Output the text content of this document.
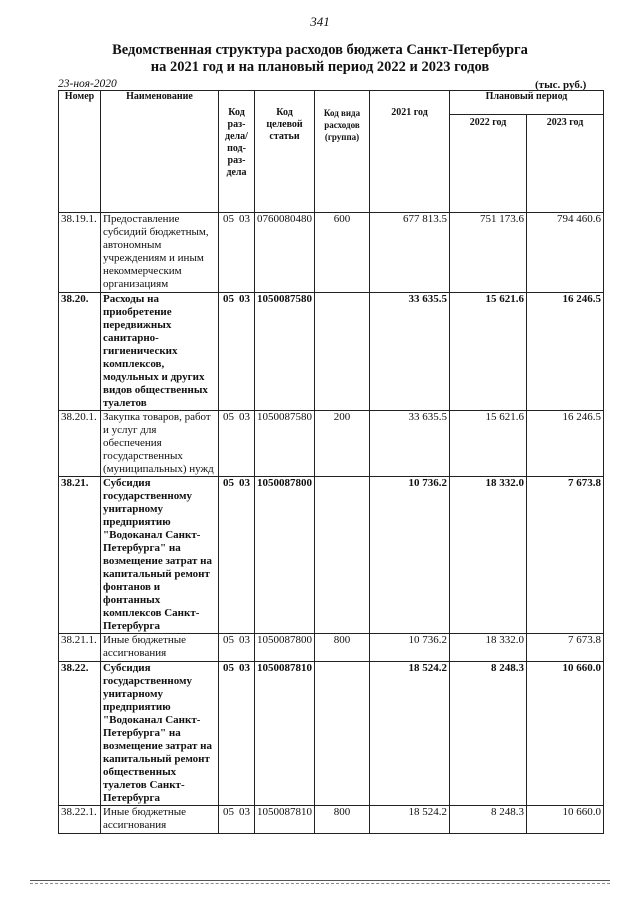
341
Ведомственная структура расходов бюджета Санкт-Петербурга
на 2021 год и на плановый период 2022 и 2023 годов
23-ноя-2020	(тыс. руб.)
Номер	Наименование	Код раз-дела/ под-раз-дела	Код целевой статьи	Код вида расходов (группа)	2021 год	Плановый период	
						2022 год	2023 год
38.19.1.	Предоставление субсидий бюджетным, автономным учреждениям и иным некоммерческим организациям	05 03	0760080480	600	677 813.5	751 173.6	794 460.6
38.20.	Расходы на приобретение передвижных санитарно-гигиенических комплексов, модульных и других видов общественных туалетов	05 03	1050087580		33 635.5	15 621.6	16 246.5
38.20.1.	Закупка товаров, работ и услуг для обеспечения государственных (муниципальных) нужд	05 03	1050087580	200	33 635.5	15 621.6	16 246.5
38.21.	Субсидия государственному унитарному предприятию "Водоканал Санкт-Петербурга" на возмещение затрат на капитальный ремонт фонтанов и фонтанных комплексов Санкт-Петербурга	05 03	1050087800		10 736.2	18 332.0	7 673.8
38.21.1.	Иные бюджетные ассигнования	05 03	1050087800	800	10 736.2	18 332.0	7 673.8
38.22.	Субсидия государственному унитарному предприятию "Водоканал Санкт-Петербурга" на возмещение затрат на капитальный ремонт общественных туалетов Санкт-Петербурга	05 03	1050087810		18 524.2	8 248.3	10 660.0
38.22.1.	Иные бюджетные ассигнования	05 03	1050087810	800	18 524.2	8 248.3	10 660.0
